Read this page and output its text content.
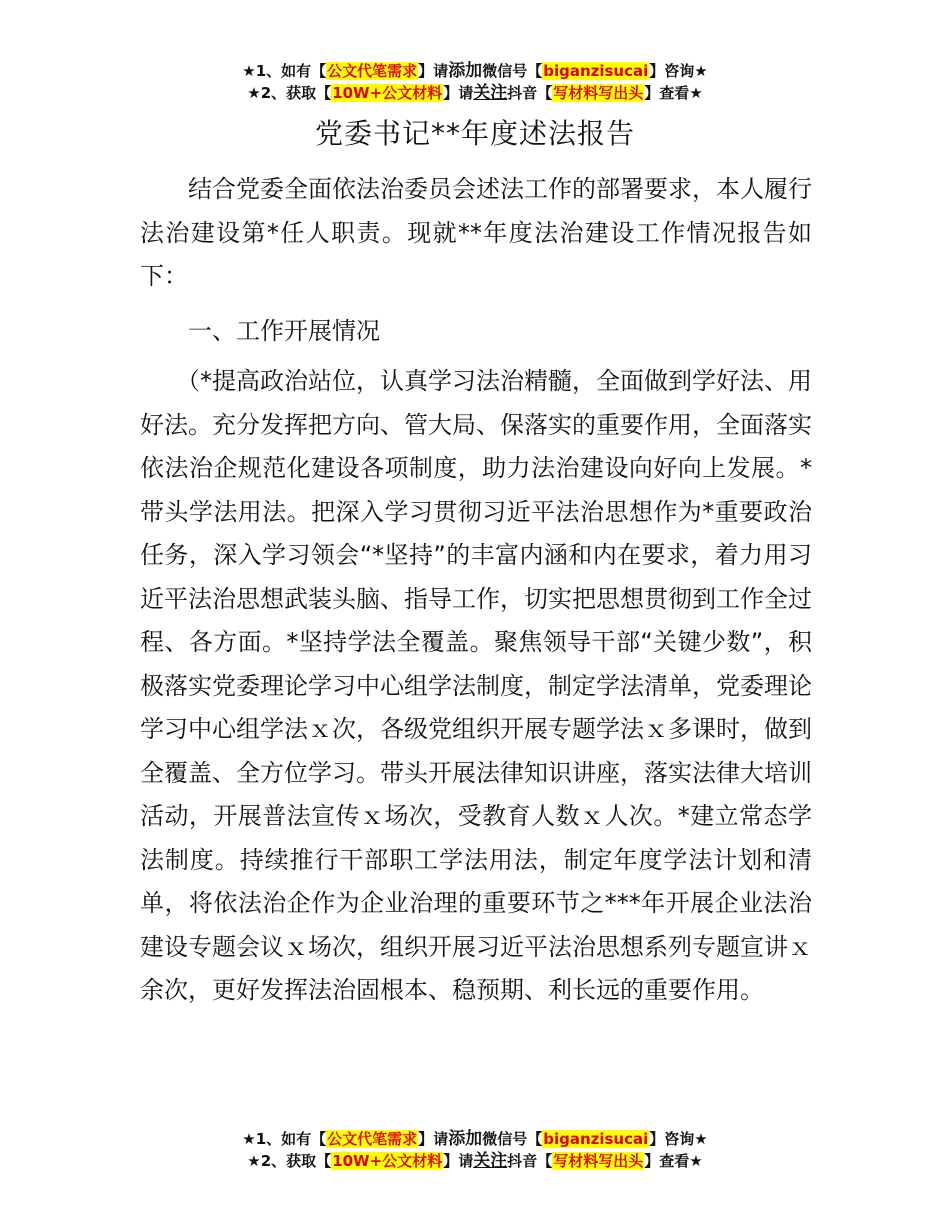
★1、如有【公文代笔需求】请添加微信号【biganzisucai】咨询★
★2、获取【10W+公文材料】请关注抖音【写材料写出头】查看★
党委书记**年度述法报告

结合党委全面依法治委员会述法工作的部署要求，本人履行法治建设第*任人职责。现就**年度法治建设工作情况报告如下：

一、工作开展情况

（*提高政治站位，认真学习法治精髓，全面做到学好法、用好法。充分发挥把方向、管大局、保落实的重要作用，全面落实依法治企规范化建设各项制度，助力法治建设向好向上发展。*带头学法用法。把深入学习贯彻习近平法治思想作为*重要政治任务，深入学习领会“*坚持”的丰富内涵和内在要求，着力用习近平法治思想武装头脑、指导工作，切实把思想贯彻到工作全过程、各方面。*坚持学法全覆盖。聚焦领导干部“关键少数”，积极落实党委理论学习中心组学法制度，制定学法清单，党委理论学习中心组学法ｘ次，各级党组织开展专题学法ｘ多课时，做到全覆盖、全方位学习。带头开展法律知识讲座，落实法律大培训活动，开展普法宣传ｘ场次，受教育人数ｘ人次。*建立常态学法制度。持续推行干部职工学法用法，制定年度学法计划和清单，将依法治企作为企业治理的重要环节之***年开展企业法治建设专题会议ｘ场次，组织开展习近平法治思想系列专题宣讲ｘ余次，更好发挥法治固根本、稳预期、利长远的重要作用。

★1、如有【公文代笔需求】请添加微信号【biganzisucai】咨询★
★2、获取【10W+公文材料】请关注抖音【写材料写出头】查看★
